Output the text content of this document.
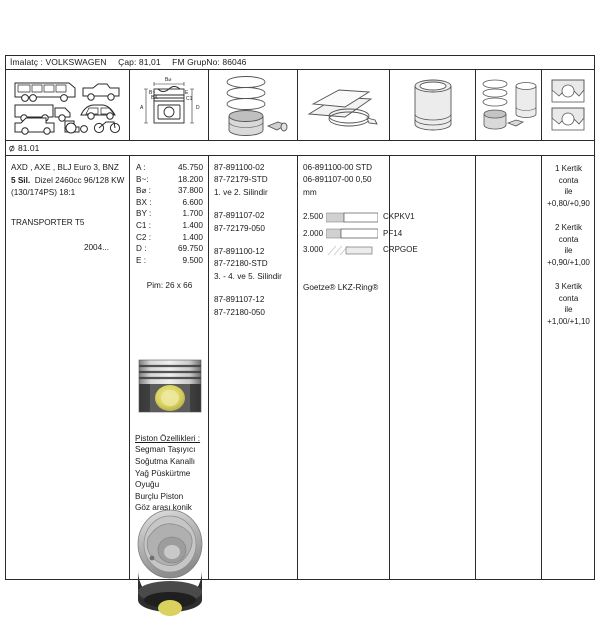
İmalatç : VOLKSWAGEN Çap: 81,01 FM GrupNo: 86046
A	D
B⌀
B~	E
BX	C1
⌀81.01
AXD , AXE , BLJ Euro 3, BNZ
5 Sil. Dizel 2460cc 96/128 KW
(130/174PS) 18:1
TRANSPORTER T5
2004...
A :	45.750
B~:	18.200
B⌀ :	37.800
BX :	6.600
BY :	1.700
C1 :	1.400
C2 :	1.400
D :	69.750
E :	9.500
Pim: 26 x 66
Piston Özellikleri :
Segman Taşıyıcı
Soğutma Kanallı
Yağ Püskürtme
Oyuğu
Burçlu Piston
Göz arası konik
87-891100-02
87-72179-STD
1. ve 2. Silindir
87-891107-02
87-72179-050
87-891100-12
87-72180-STD
3. - 4. ve 5. Silindir
87-891107-12
87-72180-050
06-891100-00 STD
06-891107-00 0,50 mm
2.500	CKP KV1
2.000	P F14
3.000	CRP GOE
Goetze® LKZ-Ring®
1 Kertik conta
ile +0,80/+0,90
2 Kertik conta
ile +0,90/+1,00
3 Kertik conta
ile +1,00/+1,10
